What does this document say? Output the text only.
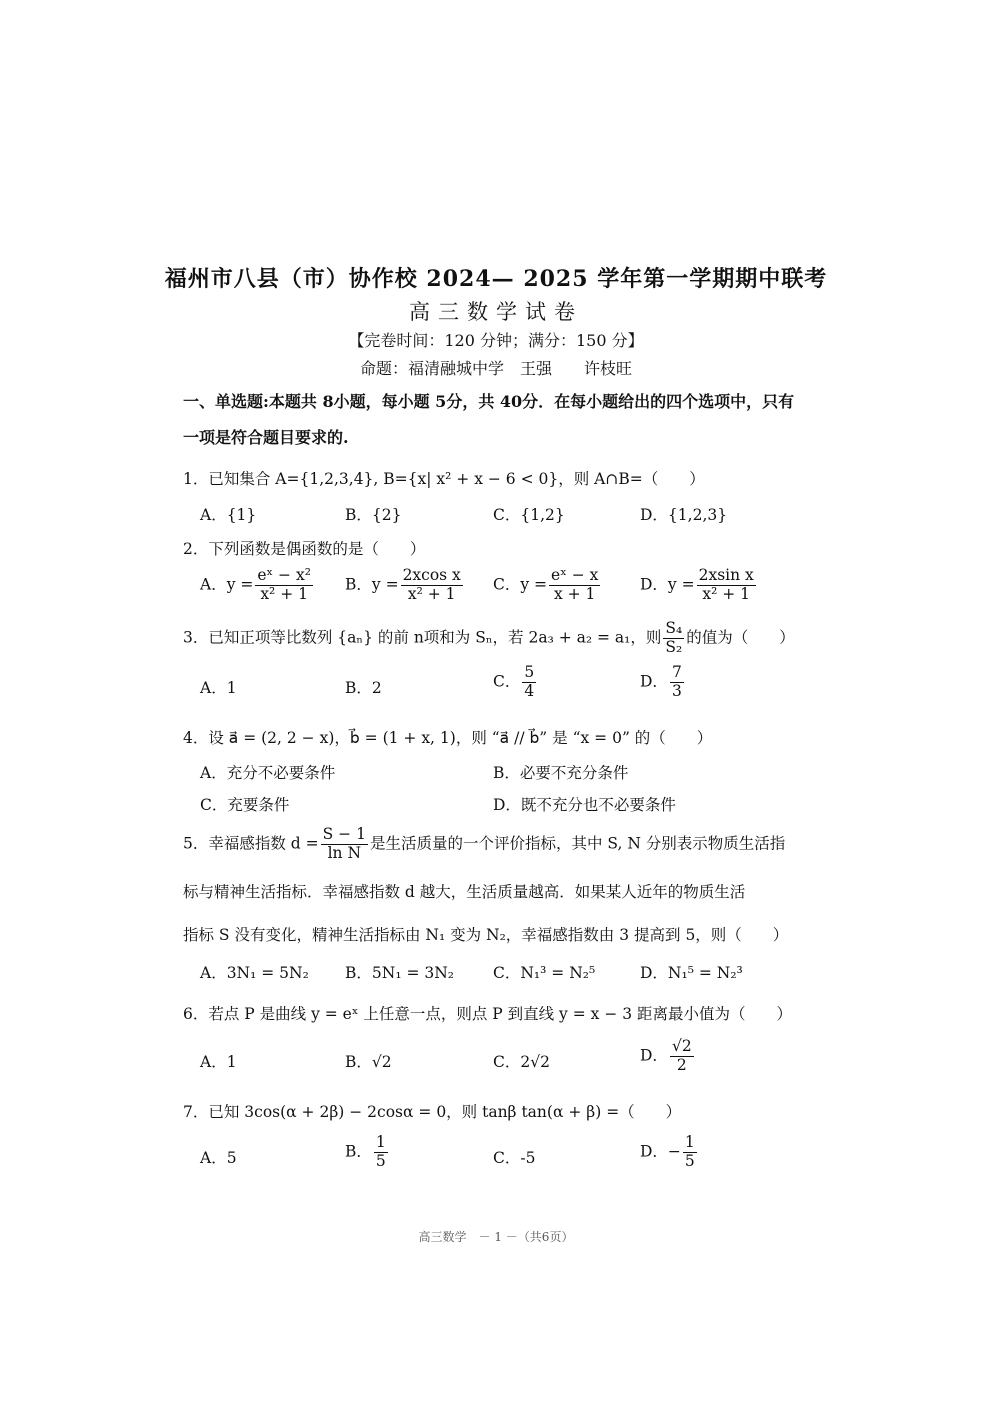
福州市八县（市）协作校 2024— 2025 学年第一学期期中联考
高三数学试卷
【完卷时间：120 分钟；满分：150 分】
命题：福清融城中学　王强　　许枝旺
一、单选题:本题共 8小题，每小题 5分，共 40分．在每小题给出的四个选项中，只有
一项是符合题目要求的.
1．已知集合 A={1,2,3,4}, B={x| x² + x − 6 < 0}，则 A∩B=（　　）
A．{1}	B．{2}	C．{1,2}	D．{1,2,3}
2．下列函数是偶函数的是（　　）
A．$y = \frac{\text{eˣ − x²}}{\text{x² + 1}}$ B．$y = \frac{\text{2xcos x}}{\text{x² + 1}}$ C．$y = \frac{\text{eˣ − x}}{x + 1}$	D．$y = \frac{\text{2xsin x}}{\text{x² + 1}}$
3．已知正项等比数列 {aₙ} 的前 n项和为 Sₙ，若 2a₃ + a₂ = a₁，则 $\frac{\text{S₄}}{\text{S₂}}$ 的值为（　　）
A．1	B．2	C． $\frac{5}{4}$	D． $\frac{7}{3}$
4．设 a⃗ = (2, 2 − x)，b⃗ = (1 + x, 1)，则 “a⃗ // b⃗” 是 “x = 0” 的（　　）
A．充分不必要条件	B．必要不充分条件
C．充要条件	D．既不充分也不必要条件
5．幸福感指数 $d = \frac{S - 1}{\text{ln N}}$ 是生活质量的一个评价指标，其中 S, N 分别表示物质生活指
标与精神生活指标．幸福感指数 d 越大，生活质量越高．如果某人近年的物质生活
指标 S 没有变化，精神生活指标由 N₁ 变为 N₂，幸福感指数由 3 提高到 5，则（　　）
A．3N₁ = 5N₂ B．5N₁ = 3N₂	C．N₁³ = N₂⁵	D．N₁⁵ = N₂³
6．若点 P 是曲线 y = eˣ 上任意一点，则点 P 到直线 y = x − 3 距离最小值为（　　）
A．1	B．√2	C．2√2	D． $\frac{√2}{2}$
7．已知 3cos(α + 2β) − 2cosα = 0，则 tanβ tan(α + β) =（　　）
A．5	B． $\frac{1}{5}$	C．-5	D．− $\frac{1}{5}$
高三数学　－ 1 －（共6页）
